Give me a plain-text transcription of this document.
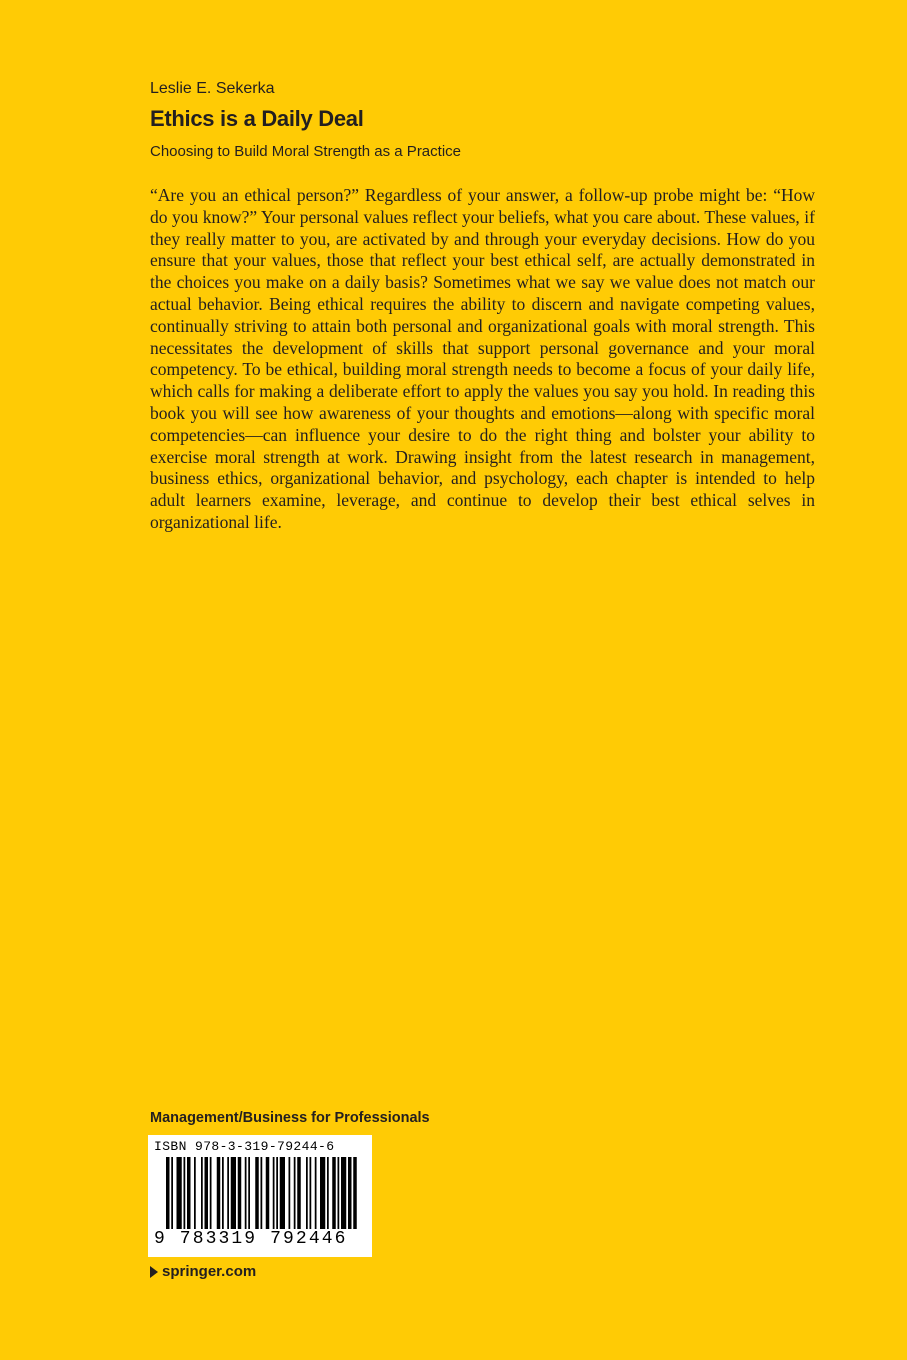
Leslie E. Sekerka
Ethics is a Daily Deal
Choosing to Build Moral Strength as a Practice

“Are you an ethical person?” Regardless of your answer, a follow-up probe might be: “How do you know?” Your personal values reflect your beliefs, what you care about. These values, if they really matter to you, are activated by and through your everyday decisions. How do you ensure that your values, those that reflect your best ethical self, are actually demonstrated in the choices you make on a daily basis? Sometimes what we say we value does not match our actual behavior. Being ethical requires the ability to discern and navigate competing values, continually striving to attain both personal and organizational goals with moral strength. This necessitates the development of skills that support personal governance and your moral competency. To be ethical, building moral strength needs to become a focus of your daily life, which calls for making a deliberate effort to apply the values you say you hold. In reading this book you will see how awareness of your thoughts and emotions—along with specific moral competencies—can influence your desire to do the right thing and bolster your ability to exercise moral strength at work. Drawing insight from the latest research in management, business ethics, organizational behavior, and psychology, each chapter is intended to help adult learners examine, leverage, and continue to develop their best ethical selves in organizational life.

Management/Business for Professionals
ISBN 978-3-319-79244-6
9 783319 792446
springer.com
